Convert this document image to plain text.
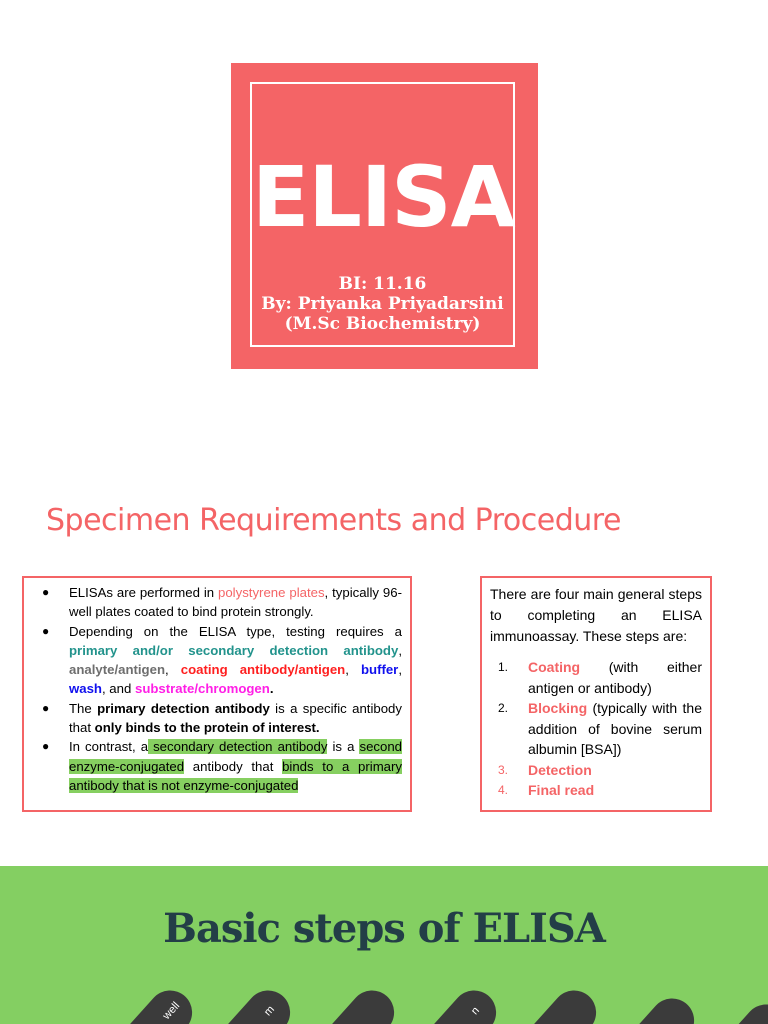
ELISA
BI: 11.16
By: Priyanka Priyadarsini
(M.Sc Biochemistry)
Specimen Requirements and Procedure
● ELISAs are performed in polystyrene plates, typically 96-well plates coated to bind protein strongly.
● Depending on the ELISA type, testing requires a primary and/or secondary detection antibody, analyte/antigen, coating antibody/antigen, buffer, wash, and substrate/chromogen.
● The primary detection antibody is a specific antibody that only binds to the protein of interest.
● In contrast, a secondary detection antibody is a second enzyme-conjugated antibody that binds to a primary antibody that is not enzyme-conjugated

There are four main general steps to completing an ELISA immunoassay. These steps are:

1. Coating (with either antigen or antibody)
2. Blocking (typically with the addition of bovine serum albumin [BSA])
3. Detection
4. Final read
Basic steps of ELISA
well	m	n
